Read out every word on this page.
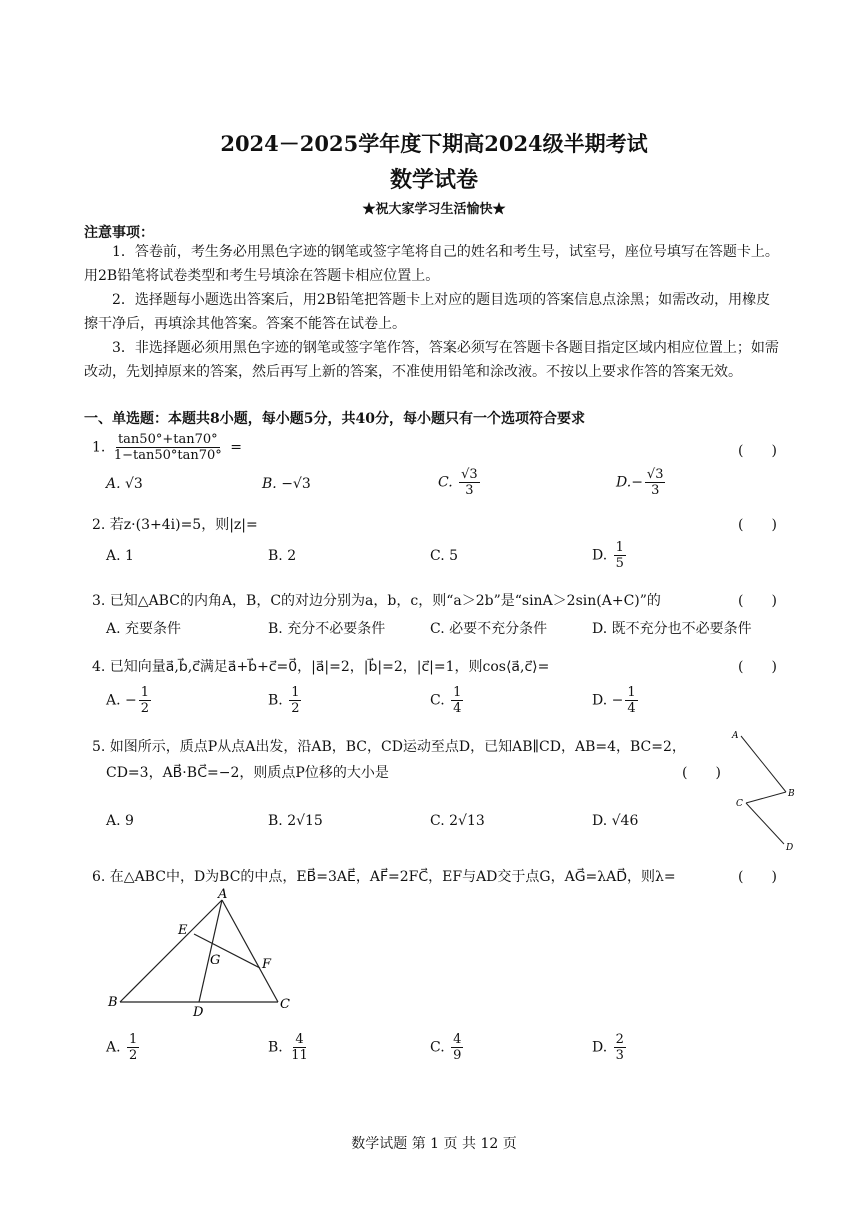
2024－2025学年度下期高2024级半期考试
数学试卷
★祝大家学习生活愉快★
注意事项：
1．答卷前，考生务必用黑色字迹的钢笔或签字笔将自己的姓名和考生号，试室号，座位号填写在答题卡上。用2B铅笔将试卷类型和考生号填涂在答题卡相应位置上。
2．选择题每小题选出答案后，用2B铅笔把答题卡上对应的题目选项的答案信息点涂黑；如需改动，用橡皮擦干净后，再填涂其他答案。答案不能答在试卷上。
3．非选择题必须用黑色字迹的钢笔或签字笔作答，答案必须写在答题卡各题目指定区域内相应位置上；如需改动，先划掉原来的答案，然后再写上新的答案，不准使用铅笔和涂改液。不按以上要求作答的答案无效。
一、单选题：本题共8小题，每小题5分，共40分，每小题只有一个选项符合要求
1. $\frac{\tan 50^\circ+\tan 70^\circ}{1-\tan 50^\circ\tan 70^\circ}$ =	(　　)
A. √3	B. −√3	C. $\frac{√3}{3}$	$D.- \frac{√3}{3}$
2. 若z·(3+4i)=5，则|z|=	(　　)
A. 1	B. 2	C. 5	D. $\frac{1}{5}$
3. 已知△ABC的内角A，B，C的对边分别为a，b，c，则“a＞2b”是“sinA＞2sin(A+C)”的	(　　)
A. 充要条件	B. 充分不必要条件	C. 必要不充分条件	D. 既不充分也不必要条件
4. 已知向量a⃗,b⃗,c⃗满足a⃗+b⃗+c⃗=0⃗，|a⃗|=2，|b⃗|=2，|c⃗|=1，则cos⟨a⃗,c⃗⟩=	(　　)
A. − $\frac{1}{2}$	B. $\frac{1}{2}$	C. $\frac{1}{4}$	D. − $\frac{1}{4}$
5. 如图所示，质点P从点A出发，沿AB，BC，CD运动至点D，已知AB∥CD，AB=4，BC=2，
CD=3，AB⃗·BC⃗=−2，则质点P位移的大小是	(　　)
A. 9	B. 2√15	C. 2√13	D. √46
A
B
C
D
6. 在△ABC中，D为BC的中点，EB⃗=3AE⃗，AF⃗=2FC⃗，EF与AD交于点G，AG⃗=λAD⃗，则λ=	(　　)
A
B	C
D
E
F
G
A. $\frac{1}{2}$	B. $\frac{4}{11}$	C. $\frac{4}{9}$	D. $\frac{2}{3}$
数学试题 第 1 页 共 12 页
